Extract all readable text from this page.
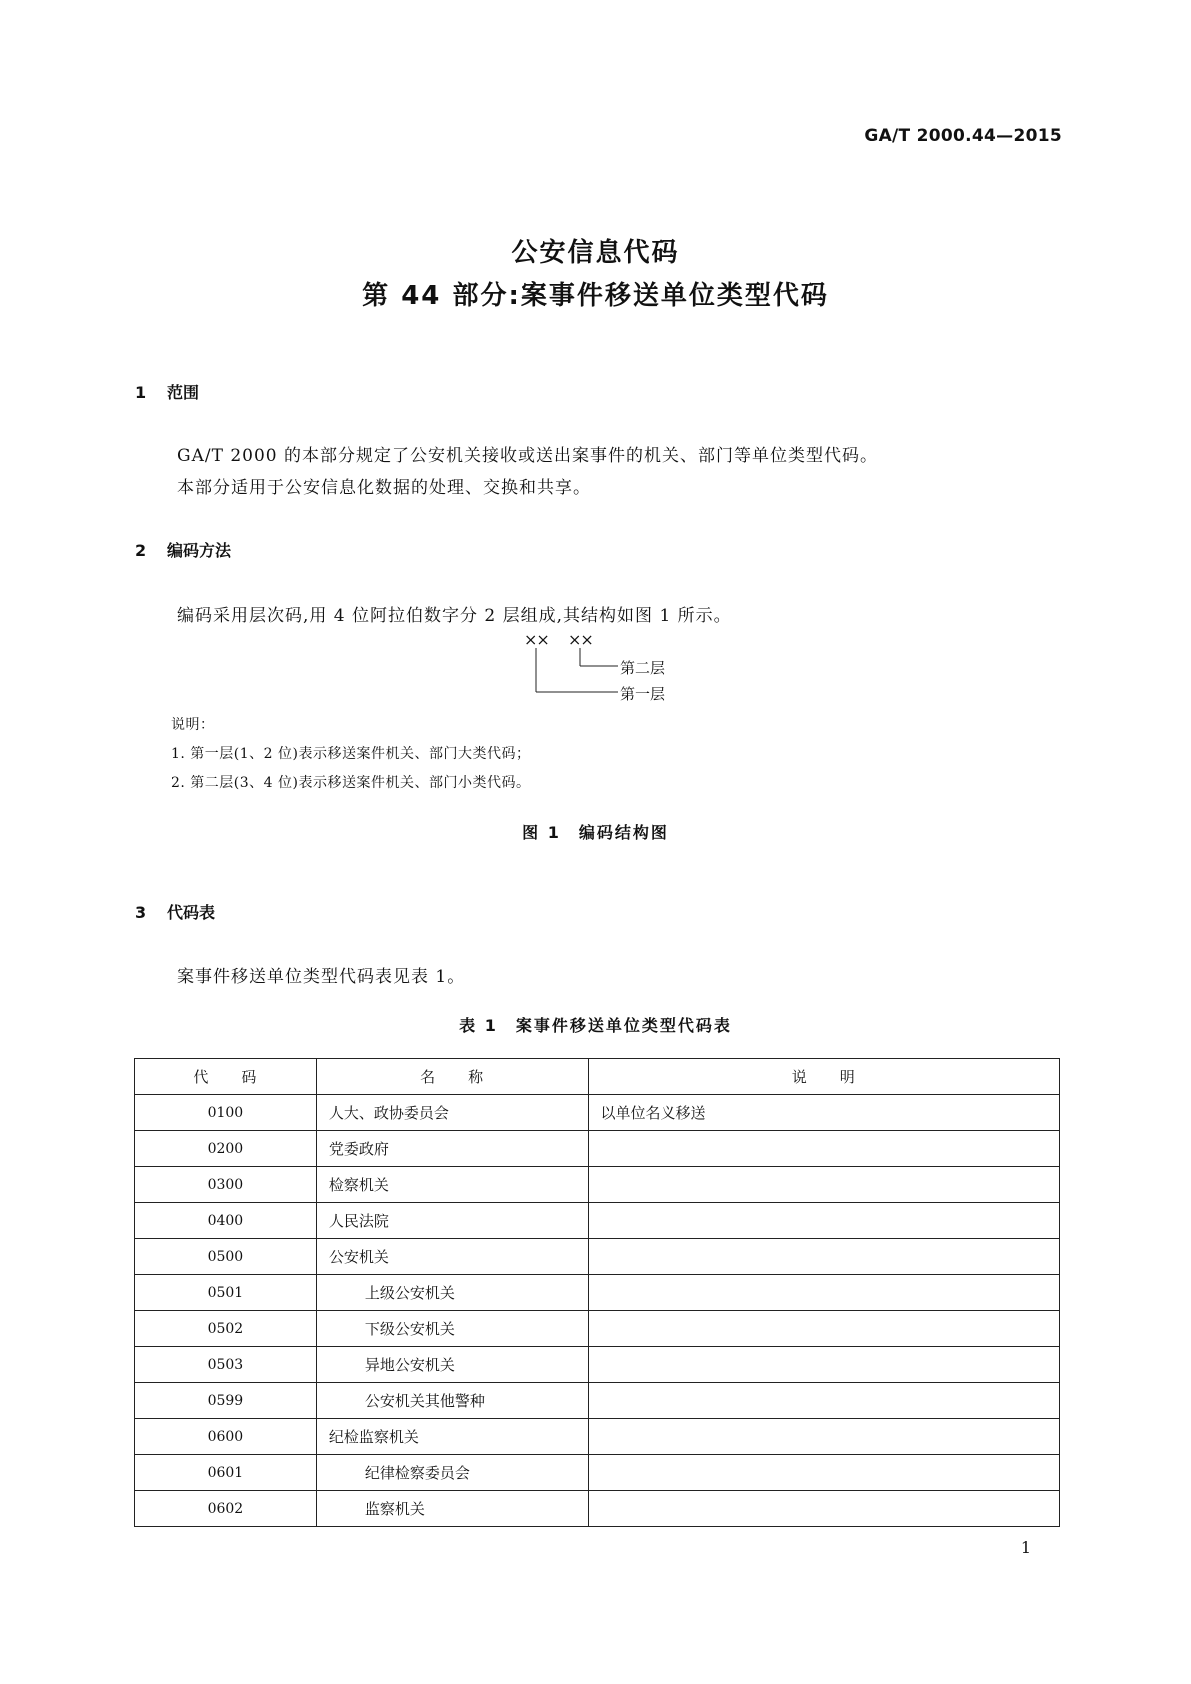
GA/T 2000.44—2015
公安信息代码
第 44 部分:案事件移送单位类型代码
1 范围
GA/T 2000 的本部分规定了公安机关接收或送出案事件的机关、部门等单位类型代码。
本部分适用于公安信息化数据的处理、交换和共享。
2 编码方法
编码采用层次码,用 4 位阿拉伯数字分 2 层组成,其结构如图 1 所示。
×× ××
第二层
第一层
说明：
1. 第一层(1、2 位)表示移送案件机关、部门大类代码；
2. 第二层(3、4 位)表示移送案件机关、部门小类代码。
图 1　编码结构图
3 代码表
案事件移送单位类型代码表见表 1。
表 1　案事件移送单位类型代码表
代　　码	名　　称	说　　明
0100	人大、政协委员会	以单位名义移送
0200	党委政府	
0300	检察机关	
0400	人民法院	
0500	公安机关	
0501	上级公安机关	
0502	下级公安机关	
0503	异地公安机关	
0599	公安机关其他警种	
0600	纪检监察机关	
0601	纪律检察委员会	
0602	监察机关	
1
